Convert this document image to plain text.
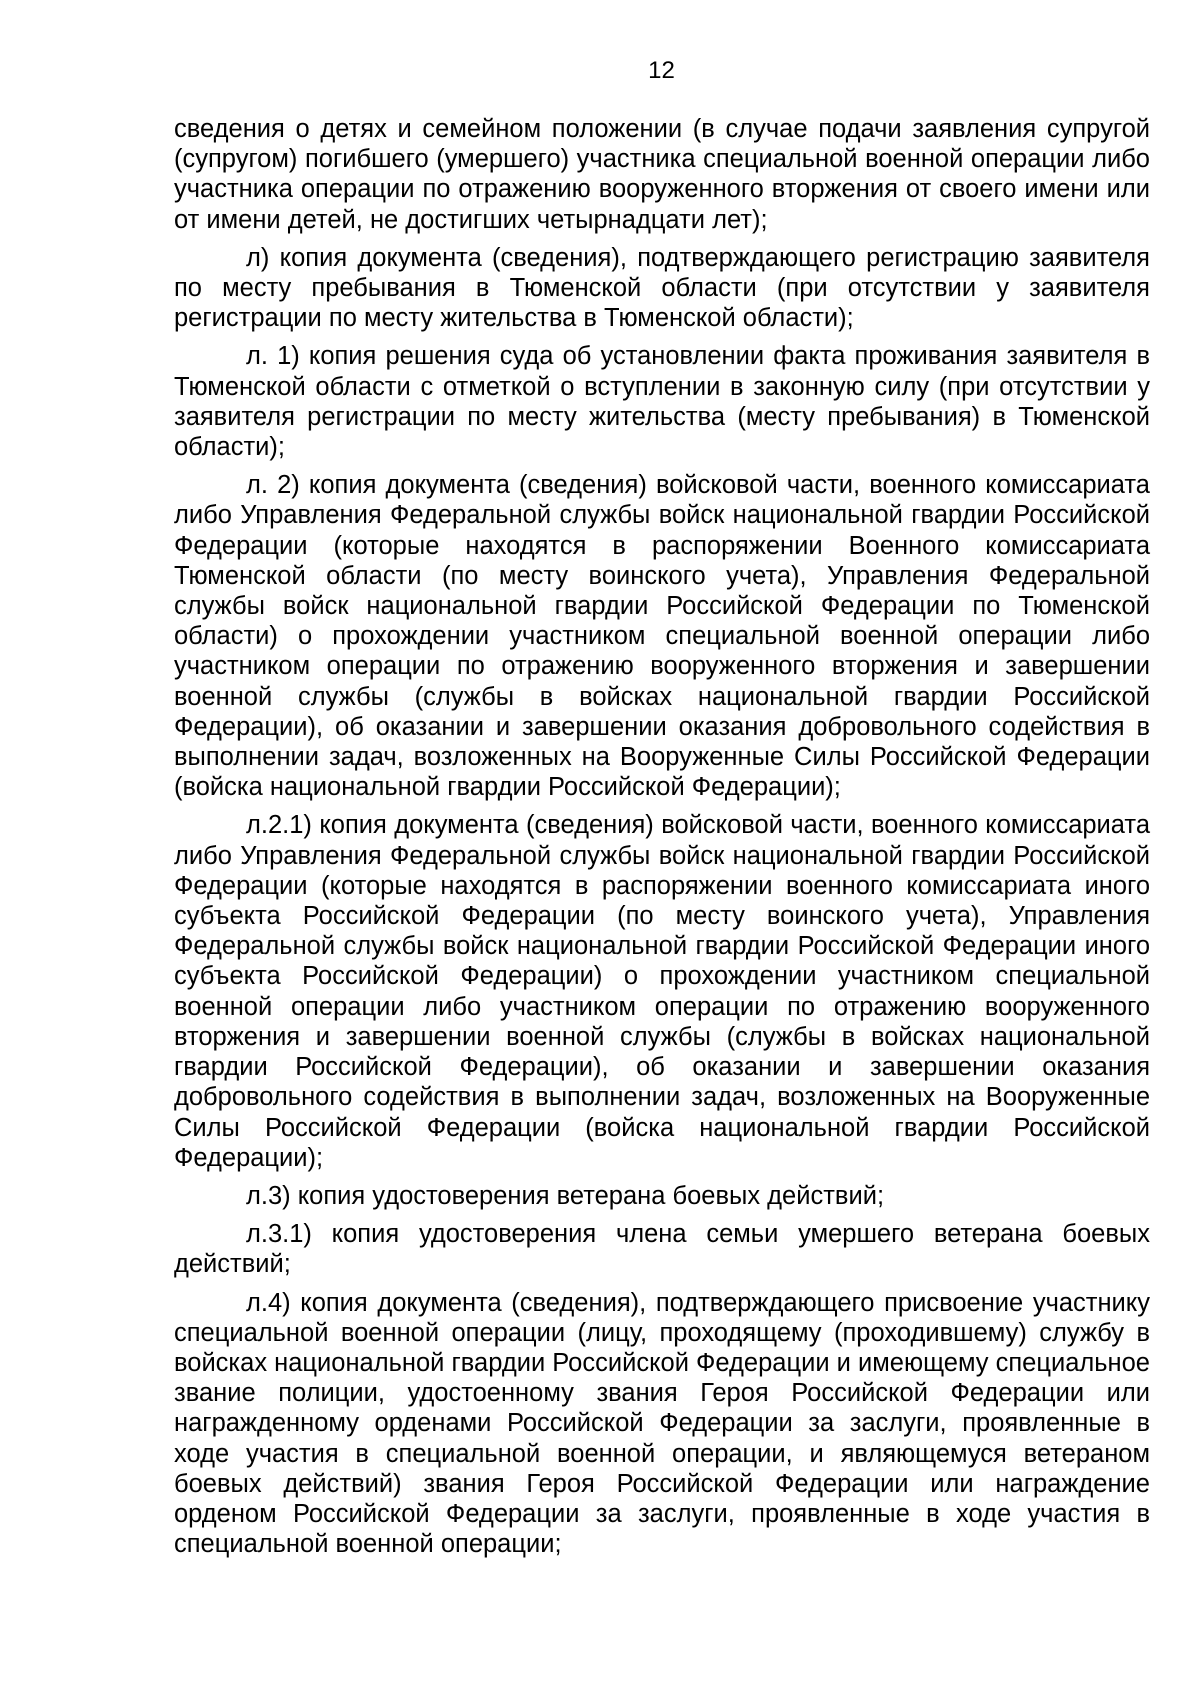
12

сведения о детях и семейном положении (в случае подачи заявления супругой (супругом) погибшего (умершего) участника специальной военной операции либо участника операции по отражению вооруженного вторжения от своего имени или от имени детей, не достигших четырнадцати лет);

л) копия документа (сведения), подтверждающего регистрацию заявителя по месту пребывания в Тюменской области (при отсутствии у заявителя регистрации по месту жительства в Тюменской области);

л. 1) копия решения суда об установлении факта проживания заявителя в Тюменской области с отметкой о вступлении в законную силу (при отсутствии у заявителя регистрации по месту жительства (месту пребывания) в Тюменской области);

л. 2) копия документа (сведения) войсковой части, военного комиссариата либо Управления Федеральной службы войск национальной гвардии Российской Федерации (которые находятся в распоряжении Военного комиссариата Тюменской области (по месту воинского учета), Управления Федеральной службы войск национальной гвардии Российской Федерации по Тюменской области) о прохождении участником специальной военной операции либо участником операции по отражению вооруженного вторжения и завершении военной службы (службы в войсках национальной гвардии Российской Федерации), об оказании и завершении оказания добровольного содействия в выполнении задач, возложенных на Вооруженные Силы Российской Федерации (войска национальной гвардии Российской Федерации);

л.2.1) копия документа (сведения) войсковой части, военного комиссариата либо Управления Федеральной службы войск национальной гвардии Российской Федерации (которые находятся в распоряжении военного комиссариата иного субъекта Российской Федерации (по месту воинского учета), Управления Федеральной службы войск национальной гвардии Российской Федерации иного субъекта Российской Федерации) о прохождении участником специальной военной операции либо участником операции по отражению вооруженного вторжения и завершении военной службы (службы в войсках национальной гвардии Российской Федерации), об оказании и завершении оказания добровольного содействия в выполнении задач, возложенных на Вооруженные Силы Российской Федерации (войска национальной гвардии Российской Федерации);

л.3) копия удостоверения ветерана боевых действий;

л.3.1) копия удостоверения члена семьи умершего ветерана боевых действий;

л.4) копия документа (сведения), подтверждающего присвоение участнику специальной военной операции (лицу, проходящему (проходившему) службу в войсках национальной гвардии Российской Федерации и имеющему специальное звание полиции, удостоенному звания Героя Российской Федерации или награжденному орденами Российской Федерации за заслуги, проявленные в ходе участия в специальной военной операции, и являющемуся ветераном боевых действий) звания Героя Российской Федерации или награждение орденом Российской Федерации за заслуги, проявленные в ходе участия в специальной военной операции;
